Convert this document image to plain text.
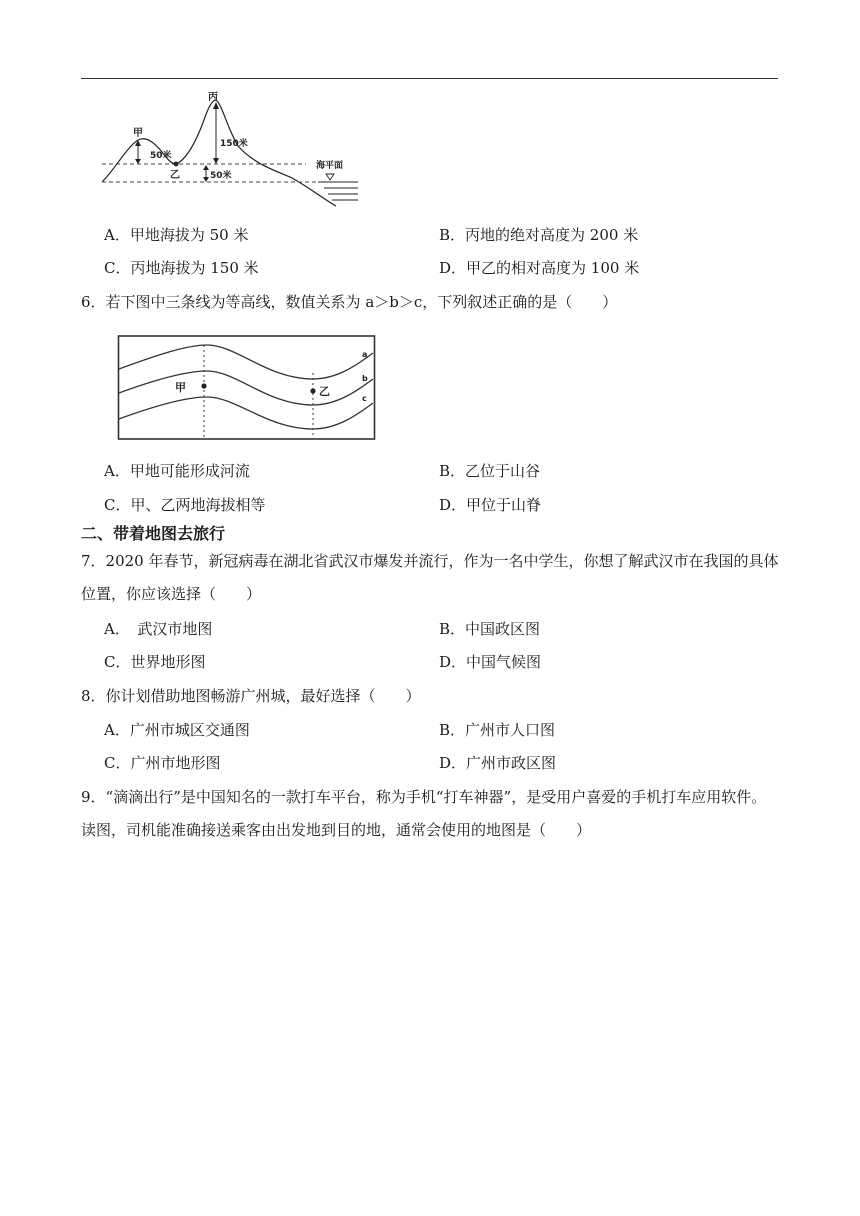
甲
乙
丙
150米
50米
50米
海平面
A．甲地海拔为 50 米	B．丙地的绝对高度为 200 米
C．丙地海拔为 150 米	D．甲乙的相对高度为 100 米
6．若下图中三条线为等高线，数值关系为 a＞b＞c，下列叙述正确的是（　　）
甲	乙
a
b
c
A．甲地可能形成河流	B．乙位于山谷
C．甲、乙两地海拔相等	D．甲位于山脊
二、带着地图去旅行
7．2020 年春节，新冠病毒在湖北省武汉市爆发并流行，作为一名中学生，你想了解武汉市在我国的具体位置，你应该选择（　　）
A．　武汉市地图	B．中国政区图
C．世界地形图	D．中国气候图
8．你计划借助地图畅游广州城，最好选择（　　）
A．广州市城区交通图	B．广州市人口图
C．广州市地形图	D．广州市政区图
9．“滴滴出行”是中国知名的一款打车平台，称为手机“打车神器”，是受用户喜爱的手机打车应用软件。读图，司机能准确接送乘客由出发地到目的地，通常会使用的地图是（　　）
